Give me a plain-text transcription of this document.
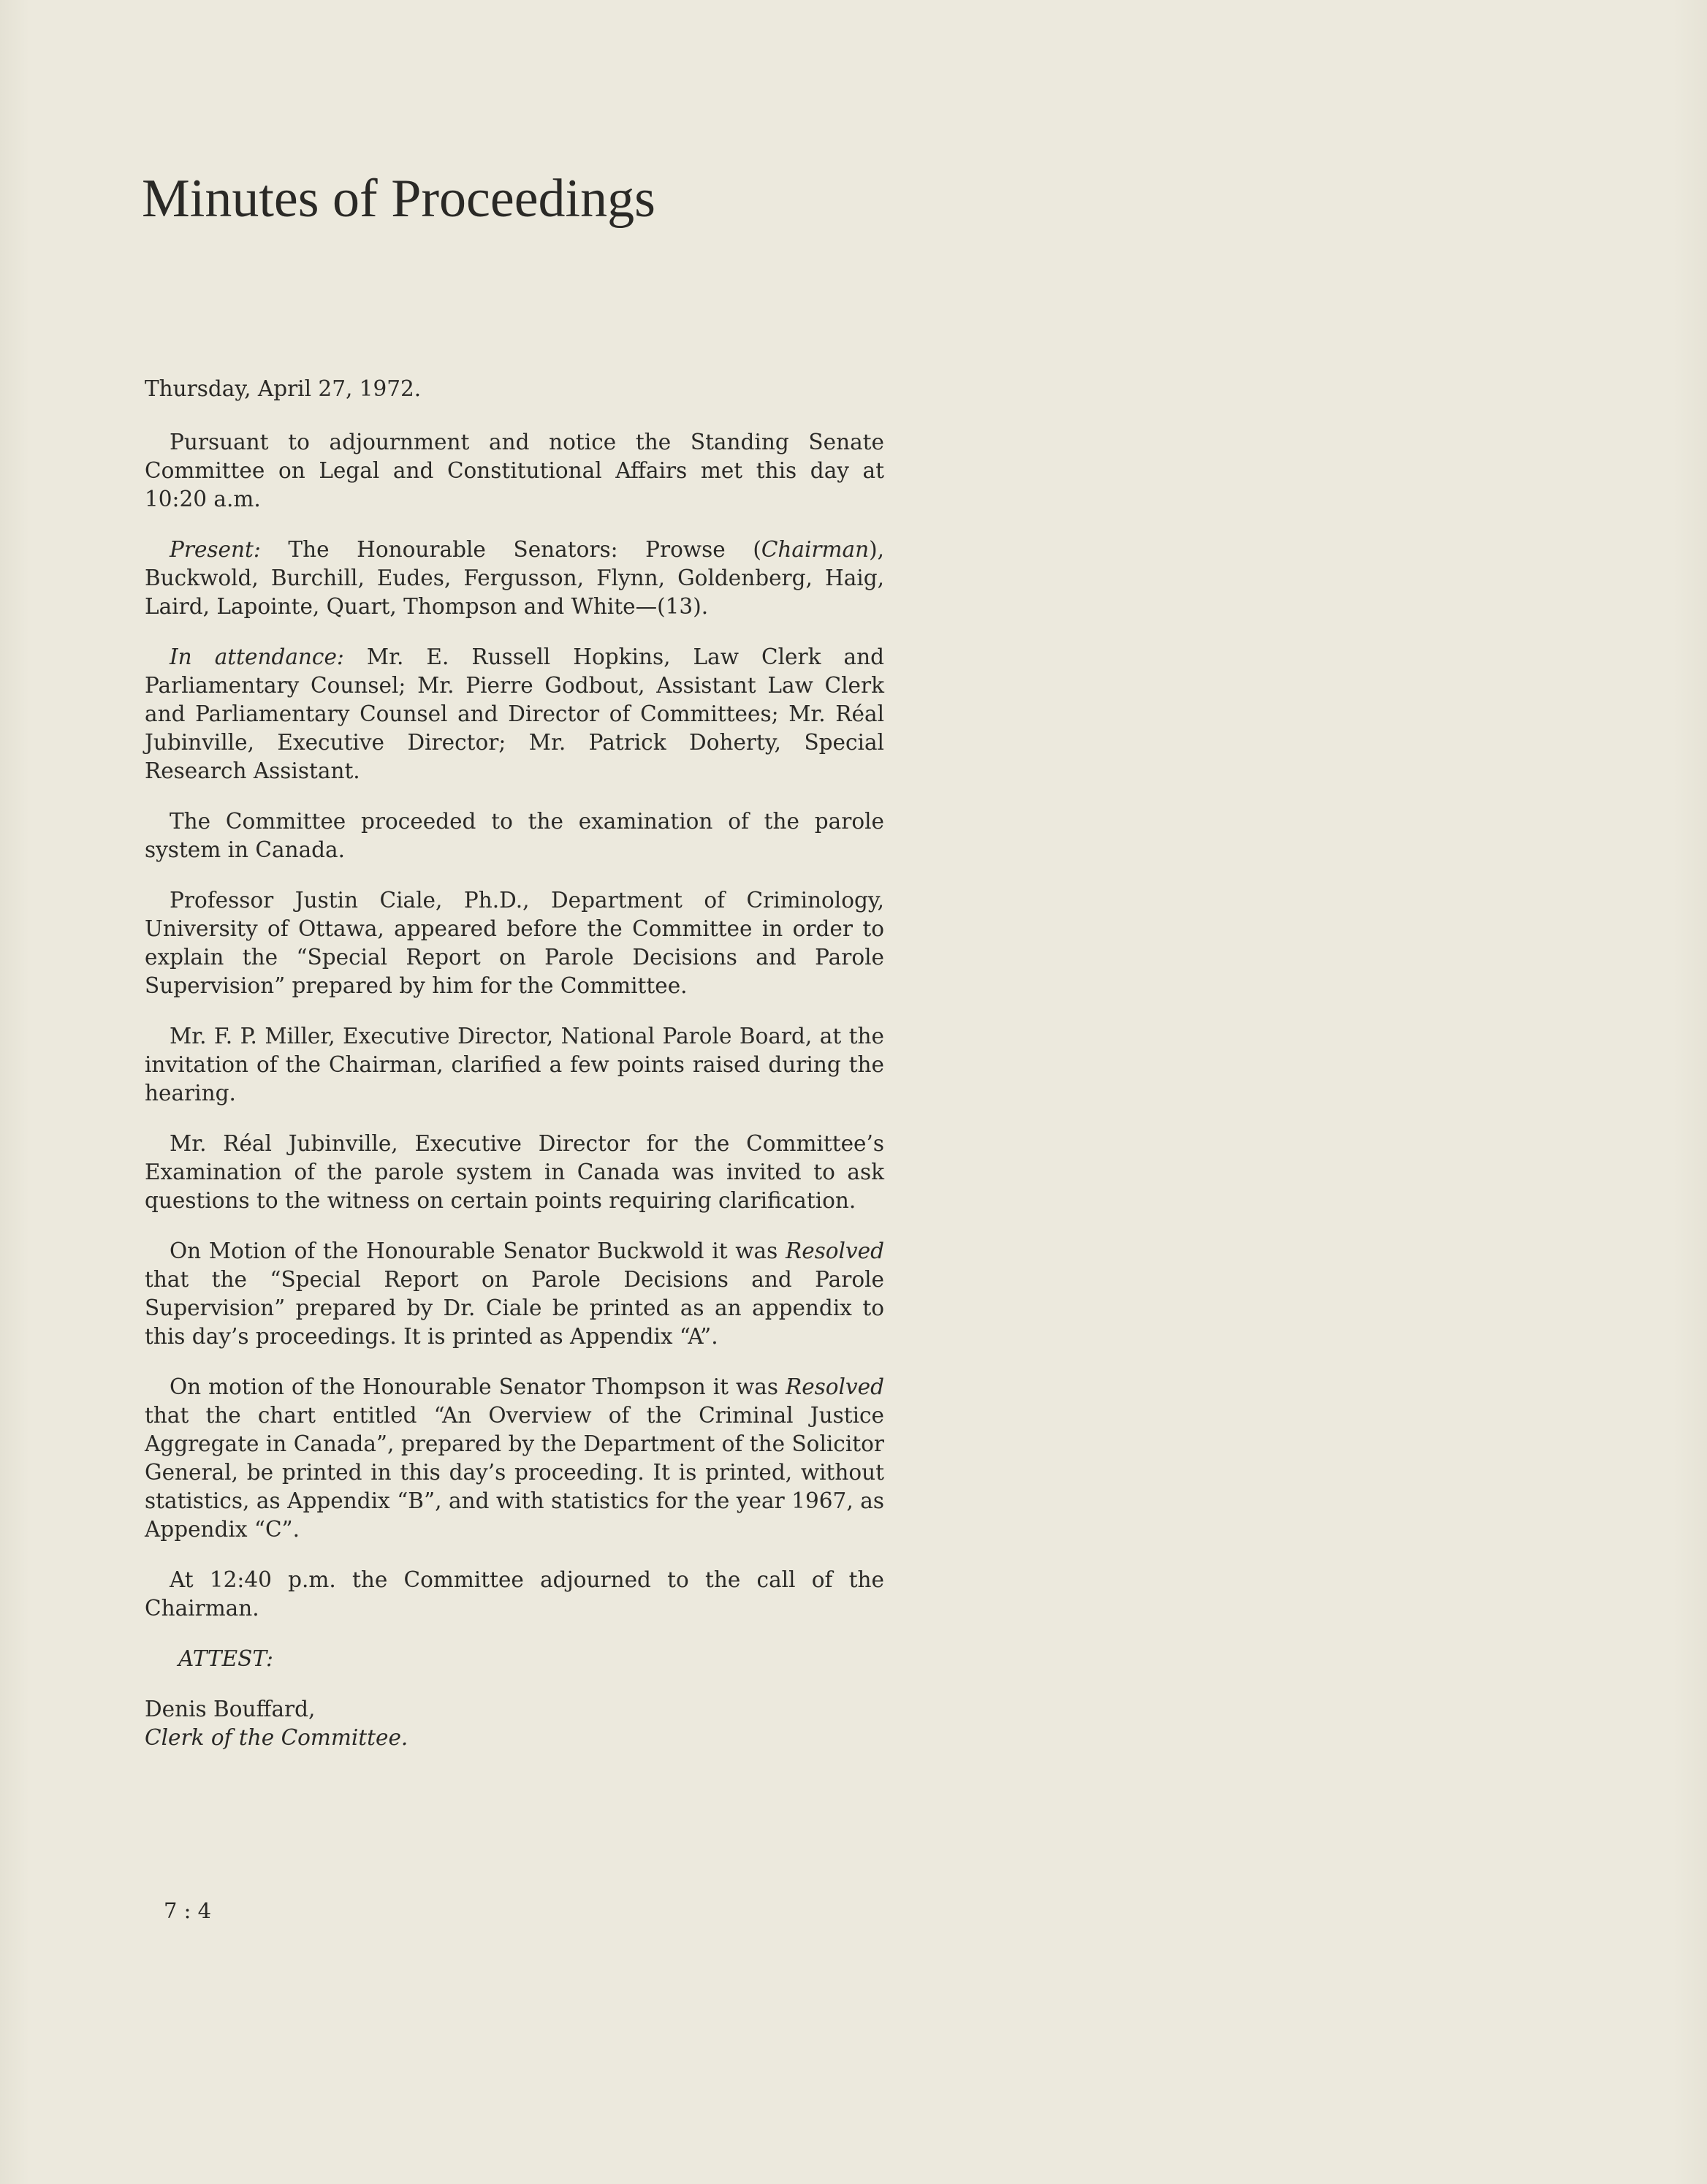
Minutes of Proceedings

Thursday, April 27, 1972.

Pursuant to adjournment and notice the Standing Senate Committee on Legal and Constitutional Affairs met this day at 10:20 a.m.

Present: The Honourable Senators: Prowse (Chairman), Buckwold, Burchill, Eudes, Fergusson, Flynn, Goldenberg, Haig, Laird, Lapointe, Quart, Thompson and White—(13).

In attendance: Mr. E. Russell Hopkins, Law Clerk and Parliamentary Counsel; Mr. Pierre Godbout, Assistant Law Clerk and Parliamentary Counsel and Director of Committees; Mr. Réal Jubinville, Executive Director; Mr. Patrick Doherty, Special Research Assistant.

The Committee proceeded to the examination of the parole system in Canada.

Professor Justin Ciale, Ph.D., Department of Criminology, University of Ottawa, appeared before the Committee in order to explain the “Special Report on Parole Decisions and Parole Supervision” prepared by him for the Committee.

Mr. F. P. Miller, Executive Director, National Parole Board, at the invitation of the Chairman, clarified a few points raised during the hearing.

Mr. Réal Jubinville, Executive Director for the Committee’s Examination of the parole system in Canada was invited to ask questions to the witness on certain points requiring clarification.

On Motion of the Honourable Senator Buckwold it was Resolved that the “Special Report on Parole Decisions and Parole Supervision” prepared by Dr. Ciale be printed as an appendix to this day’s proceedings. It is printed as Appendix “A”.

On motion of the Honourable Senator Thompson it was Resolved that the chart entitled “An Overview of the Criminal Justice Aggregate in Canada”, prepared by the Department of the Solicitor General, be printed in this day’s proceeding. It is printed, without statistics, as Appendix “B”, and with statistics for the year 1967, as Appendix “C”.

At 12:40 p.m. the Committee adjourned to the call of the Chairman.

ATTEST:

Denis Bouffard,
Clerk of the Committee.

7 : 4
